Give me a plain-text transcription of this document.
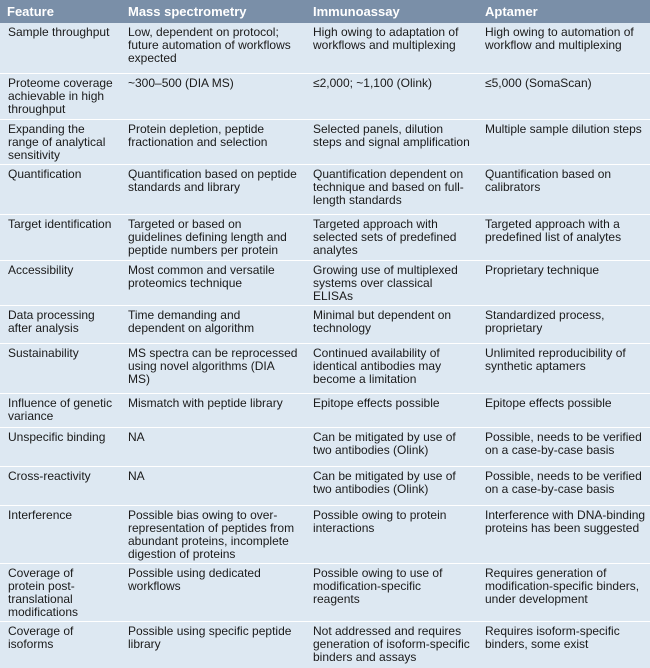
Feature	Mass spectrometry	Immunoassay	Aptamer
Sample throughput	Low, dependent on protocol; future automation of workflows expected	High owing to adaptation of workflows and multiplexing	High owing to automation of workflow and multiplexing
Proteome coverage achievable in high throughput	~300–500 (DIA MS)	≤2,000; ~1,100 (Olink)	≤5,000 (SomaScan)
Expanding the range of analytical sensitivity	Protein depletion, peptide fractionation and selection	Selected panels, dilution steps and signal amplification	Multiple sample dilution steps
Quantification	Quantification based on peptide standards and library	Quantification dependent on technique and based on full-length standards	Quantification based on calibrators
Target identification	Targeted or based on guidelines defining length and peptide numbers per protein	Targeted approach with selected sets of predefined analytes	Targeted approach with a predefined list of analytes
Accessibility	Most common and versatile proteomics technique	Growing use of multiplexed systems over classical ELISAs	Proprietary technique
Data processing after analysis	Time demanding and dependent on algorithm	Minimal but dependent on technology	Standardized process, proprietary
Sustainability	MS spectra can be reprocessed using novel algorithms (DIA MS)	Continued availability of identical antibodies may become a limitation	Unlimited reproducibility of synthetic aptamers
Influence of genetic variance	Mismatch with peptide library	Epitope effects possible	Epitope effects possible
Unspecific binding	NA	Can be mitigated by use of two antibodies (Olink)	Possible, needs to be verified on a case-by-case basis
Cross-reactivity	NA	Can be mitigated by use of two antibodies (Olink)	Possible, needs to be verified on a case-by-case basis
Interference	Possible bias owing to over-representation of peptides from abundant proteins, incomplete digestion of proteins	Possible owing to protein interactions	Interference with DNA-binding proteins has been suggested
Coverage of protein post-translational modifications	Possible using dedicated workflows	Possible owing to use of modification-specific reagents	Requires generation of modification-specific binders, under development
Coverage of isoforms	Possible using specific peptide library	Not addressed and requires generation of isoform-specific binders and assays	Requires isoform-specific binders, some exist
